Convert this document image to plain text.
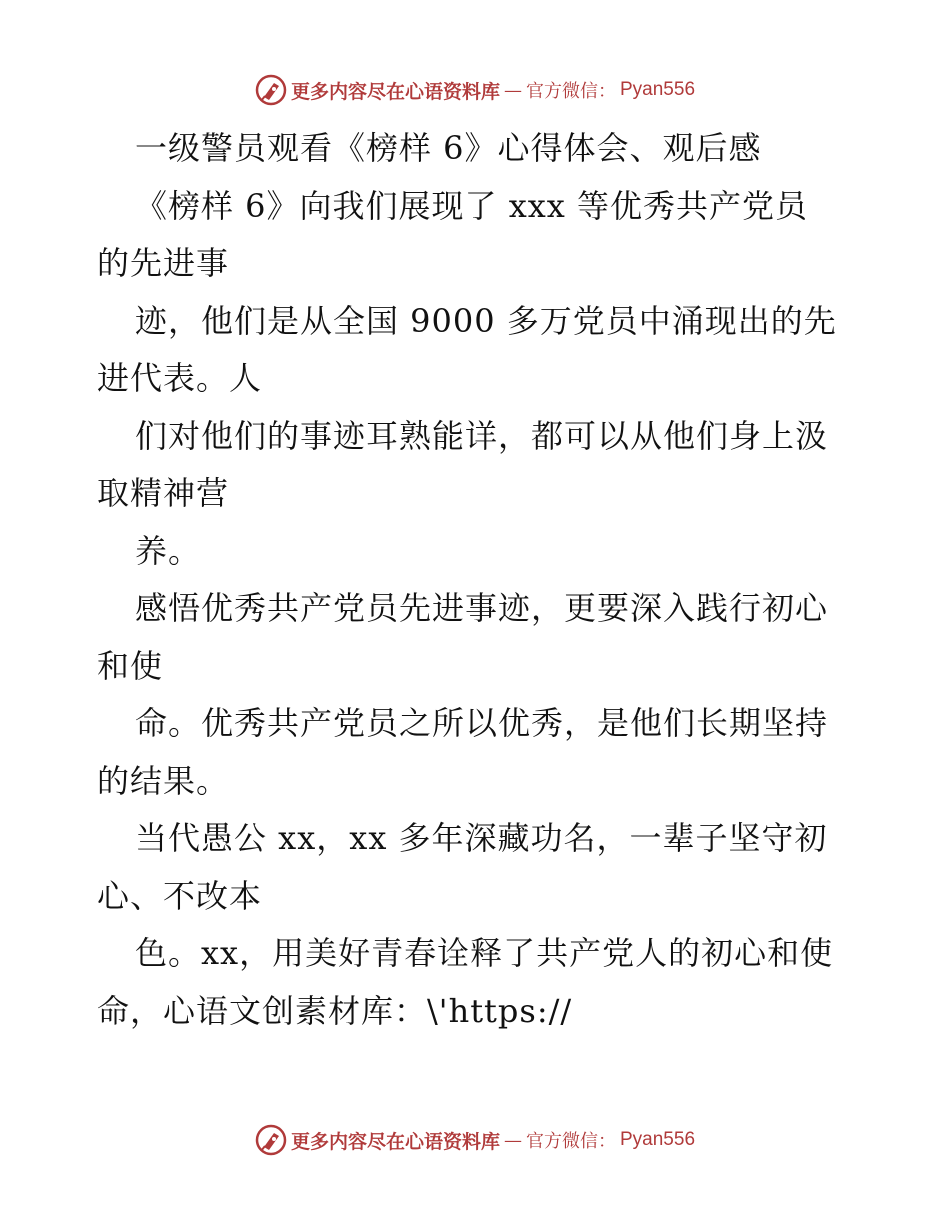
更多内容尽在心语资料库 — 官方微信： Pyan556
一级警员观看《榜样 6》心得体会、观后感
《榜样 6》向我们展现了 xxx 等优秀共产党员
的先进事
迹，他们是从全国 9000 多万党员中涌现出的先
进代表。人
们对他们的事迹耳熟能详，都可以从他们身上汲
取精神营
养。
感悟优秀共产党员先进事迹，更要深入践行初心
和使
命。优秀共产党员之所以优秀，是他们长期坚持
的结果。
当代愚公 xx，xx 多年深藏功名，一辈子坚守初
心、不改本
色。xx，用美好青春诠释了共产党人的初心和使
命，心语文创素材库：\'https://
更多内容尽在心语资料库 — 官方微信： Pyan556
